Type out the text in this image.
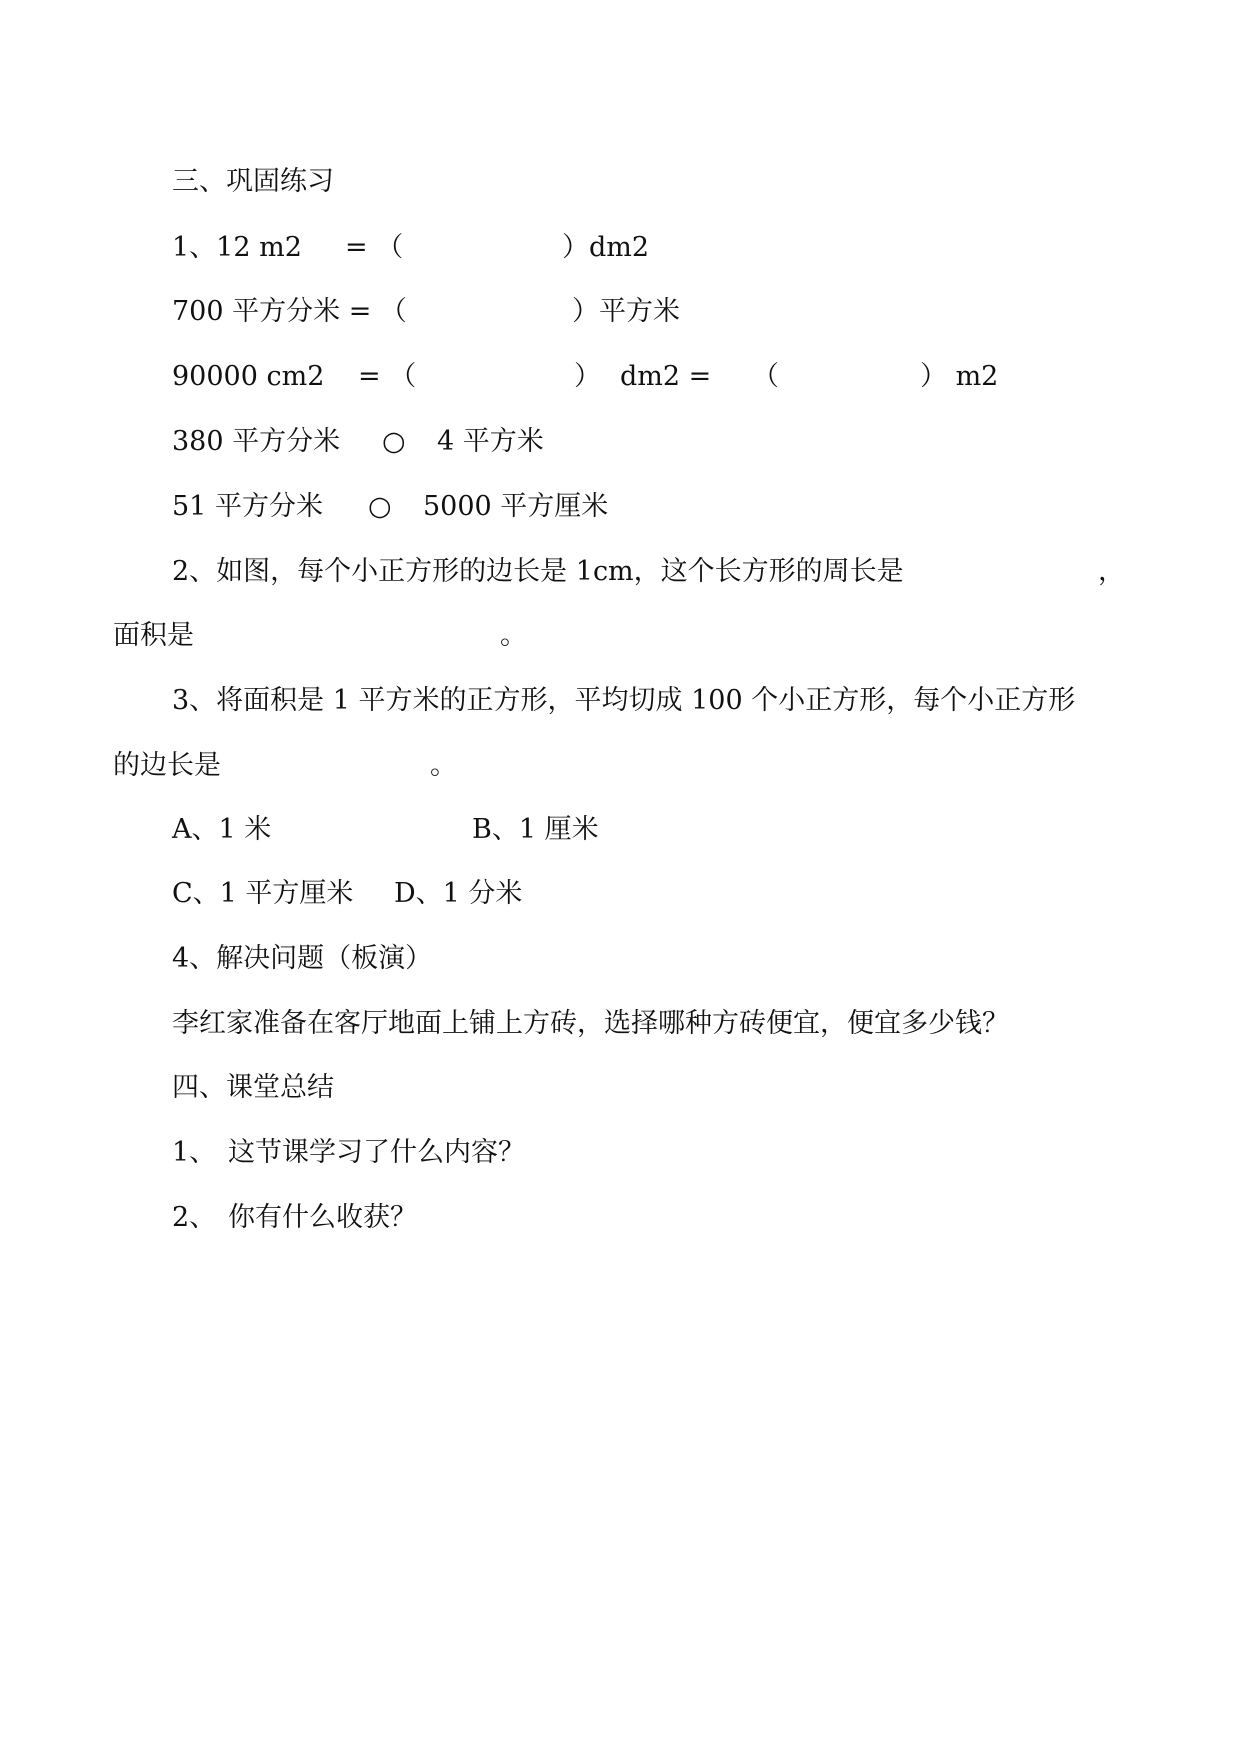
三、巩固练习
1、12 m2 = （	）dm2
700 平方分米 = （	）平方米
90000 cm2 = （	） dm2 = （	） m2
380 平方分米 ○ 4 平方米
51 平方分米 ○ 5000 平方厘米
2、如图，每个小正方形的边长是 1cm，这个长方形的周长是	，
面积是	。
3、将面积是 1 平方米的正方形，平均切成 100 个小正方形，每个小正方形
的边长是	。
A、1 米	B、1 厘米
C、1 平方厘米 D、1 分米
4、解决问题（板演）
李红家准备在客厅地面上铺上方砖，选择哪种方砖便宜，便宜多少钱？
四、课堂总结
1、 这节课学习了什么内容？
2、 你有什么收获？
